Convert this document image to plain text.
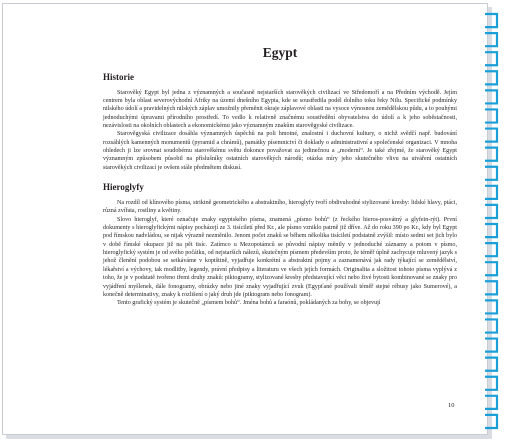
Egypt
Historie

Starověký Egypt byl jedna z významných a současně nejstarších starověkých civilizací ve Středomoří a na Předním východě. Jejím centrem byla oblast severovýchodní Afriky na území dnešního Egypta, kde se soustředila podél dolního toku řeky Nilu. Specifické podmínky nilského údolí a pravidelných nilských záplav umožnily přeměnit okraje záplavové oblasti na vysoce výnosnou zemědělskou půdu, a to pouhými jednoduchými úpravami přírodního prostředí. To vedlo k relativně značnému soustředění obyvatelstva do údolí a k jeho soběstačnosti, nezávislosti na okolních oblastech a ekonomickému jako významným znakům starověgyské civilizace.

Starověgyská civilizace dosáhla významných úspěchů na poli hmotné, znalostní i duchovní kultury, o nichž svědčí např. budování rozsáhlých kamenných monumentů (pyramid a chrámů), památky písemnictví či doklady o administrativní a společenské organizaci. V mnoha ohledech ji lze srovnat soudobému starověkému světu dokonce považovat za jedinečnou a „moderní“. Je také zřejmé, že starověký Egypt významným způsobem působil na příslušníky ostatních starověkých národů; otázka míry jeho skutečného vlivu na utváření ostatních starověkých civilizací je ovšem stále předmětem diskusí.

Hieroglyfy

Na rozdíl od klínového písma, striktně geometrického a abstraktního, hieroglyfy tvoří obdivuhodné stylizované kresby: lidské hlavy, ptáci, různá zvířata, rostliny a květiny.

Slovo hieroglyf, které označuje znaky egyptského písma, znamená „písmo bohů“ (z řeckého hieros-posvátný a glyfein-rýt). První dokumenty s hieroglyfickými nápisy pocházejí ze 3. tisíciletí před Kr., ale písmo vzniklo patrně již dříve. Až do roku 390 po Kr., kdy byl Egypt pod římskou nadvládou, se nijak výrazně nezměnilo. Jenom počet znaků se během několika tisíciletí podstatně zvýšil: místo sedmi set jich bylo v době římské okupace již na pět tisíc. Zatímco u Mezopotámců se původní nápisy měnily v jednoduché záznamy a potom v písmo, hieroglyfický systém je od svého počátku, od nejstarších nálezů, skutečným písmem především proto, že téměř úplně zachycuje mluvený jazyk s jehož členění podobou se setkáváme v koptštině, vyjadřuje konkrétní a abstraktní pojmy a zaznamenává jak rady týkající se zemědělství, lékařství a výchovy, tak modlitby, legendy, právní předpisy a literaturu ve všech jejích formách. Originalita a složitost tohoto písma vyplývá z toho, že je v podstatě tvořeno třemi druhy znaků: piktogramy, stylizované kresby představující věci nebo živé bytosti kombinované se znaky pro vyjádření myšlenek, dále fonogramy, obrázky nebo jiné znaky vyjadřující zvuk (Egypťané používali téměř stejné rébusy jako Sumerové), a konečně determinativy, znaky k rozlišení o jaký druh jde (piktogram nebo fonogram).

Tento grafický systém je skutečně „písmem bohů“. Jména bohů a faraónů, pokládaných za bohy, se objevují

10
